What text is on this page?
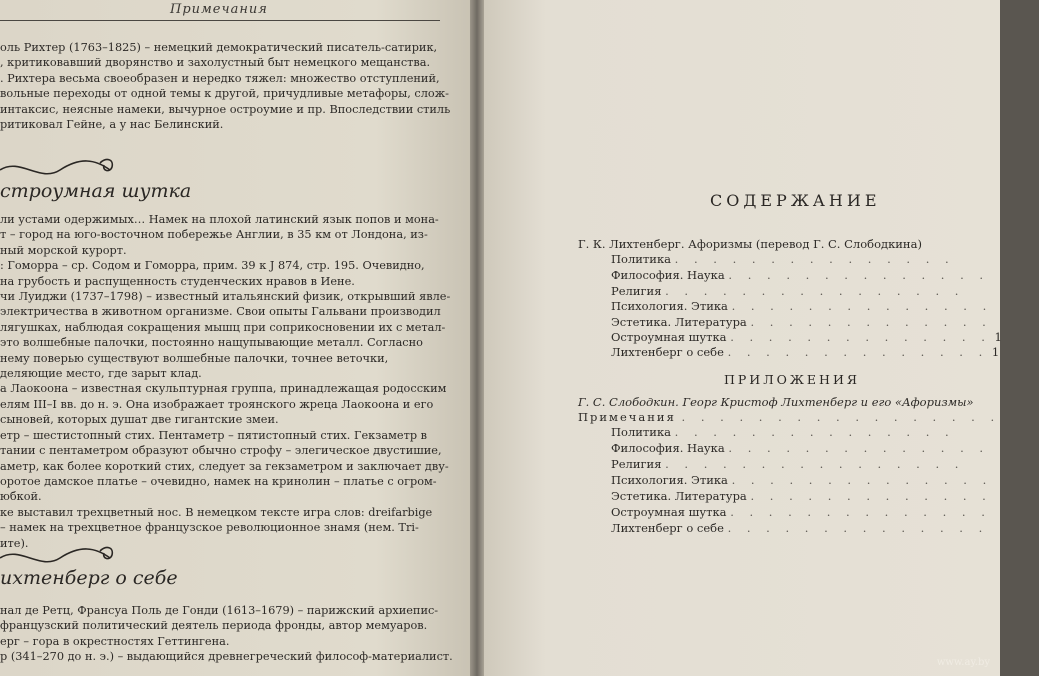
Примечания
оль Рихтер (1763–1825) – немецкий демократический писатель-сатирик,
, критиковавший дворянство и захолустный быт немецкого мещанства.
. Рихтера весьма своеобразен и нередко тяжел: множество отступлений,
вольные переходы от одной темы к другой, причудливые метафоры, слож-
интаксис, неясные намеки, вычурное остроумие и пр. Впоследствии стиль
ритиковал Гейне, а у нас Белинский.
строумная шутка
ли устами одержимых… Намек на плохой латинский язык попов и мона-
т – город на юго-восточном побережье Англии, в 35 км от Лондона, из-
ный морской курорт.
: Гоморра – ср. Содом и Гоморра, прим. 39 к J 874, стр. 195. Очевидно,
на грубость и распущенность студенческих нравов в Иене.
чи Луиджи (1737–1798) – известный итальянский физик, открывший явле-
электричества в животном организме. Свои опыты Гальвани производил
лягушках, наблюдая сокращения мышц при соприкосновении их с метал-
это волшебные палочки, постоянно нащупывающие металл. Согласно
нему поверью существуют волшебные палочки, точнее веточки,
деляющие место, где зарыт клад.
а Лаокоона – известная скульптурная группа, принадлежащая родосским
елям III–I вв. до н. э. Она изображает троянского жреца Лаокоона и его
сыновей, которых душат две гигантские змеи.
етр – шестистопный стих. Пентаметр – пятистопный стих. Гекзаметр в
тании с пентаметром образуют обычно строфу – элегическое двустишие,
аметр, как более короткий стих, следует за гекзаметром и заключает дву-
оротое дамское платье – очевидно, намек на кринолин – платье с огром-
юбкой.
ке выставил трехцветный нос. В немецком тексте игра слов: dreifarbige
– намек на трехцветное французское революционное знамя (нем. Tri-
ите).
ихтенберг о себе
нал де Ретц, Франсуа Поль де Гонди (1613–1679) – парижский архиепис-
французский политический деятель периода фронды, автор мемуаров.
ерг – гора в окрестностях Геттингена.
р (341–270 до н. э.) – выдающийся древнегреческий философ-материалист.
СОДЕРЖАНИЕ
Г. К. Лихтенберг. Афоризмы (перевод Г. С. Слободкина)
Политика . . . . . . . . . . . . . . .
Философия. Наука . . . . . . . . . . . . . .
Религия . . . . . . . . . . . . . . . .
Психология. Этика . . . . . . . . . . . . . .
Эстетика. Литература . . . . . . . . . . . . .
Остроумная шутка . . . . . . . . . . . . . . 1
Лихтенберг о себе . . . . . . . . . . . . . . 1
ПРИЛОЖЕНИЯ
Г. С. Слободкин. Георг Кристоф Лихтенберг и его «Афоризмы»
Примечания . . . . . . . . . . . . . . . . . . .
Политика . . . . . . . . . . . . . . .
Философия. Наука . . . . . . . . . . . . . .
Религия . . . . . . . . . . . . . . . .
Психология. Этика . . . . . . . . . . . . . .
Эстетика. Литература . . . . . . . . . . . . .
Остроумная шутка . . . . . . . . . . . . . .
Лихтенберг о себе . . . . . . . . . . . . . .
www.ay.by
